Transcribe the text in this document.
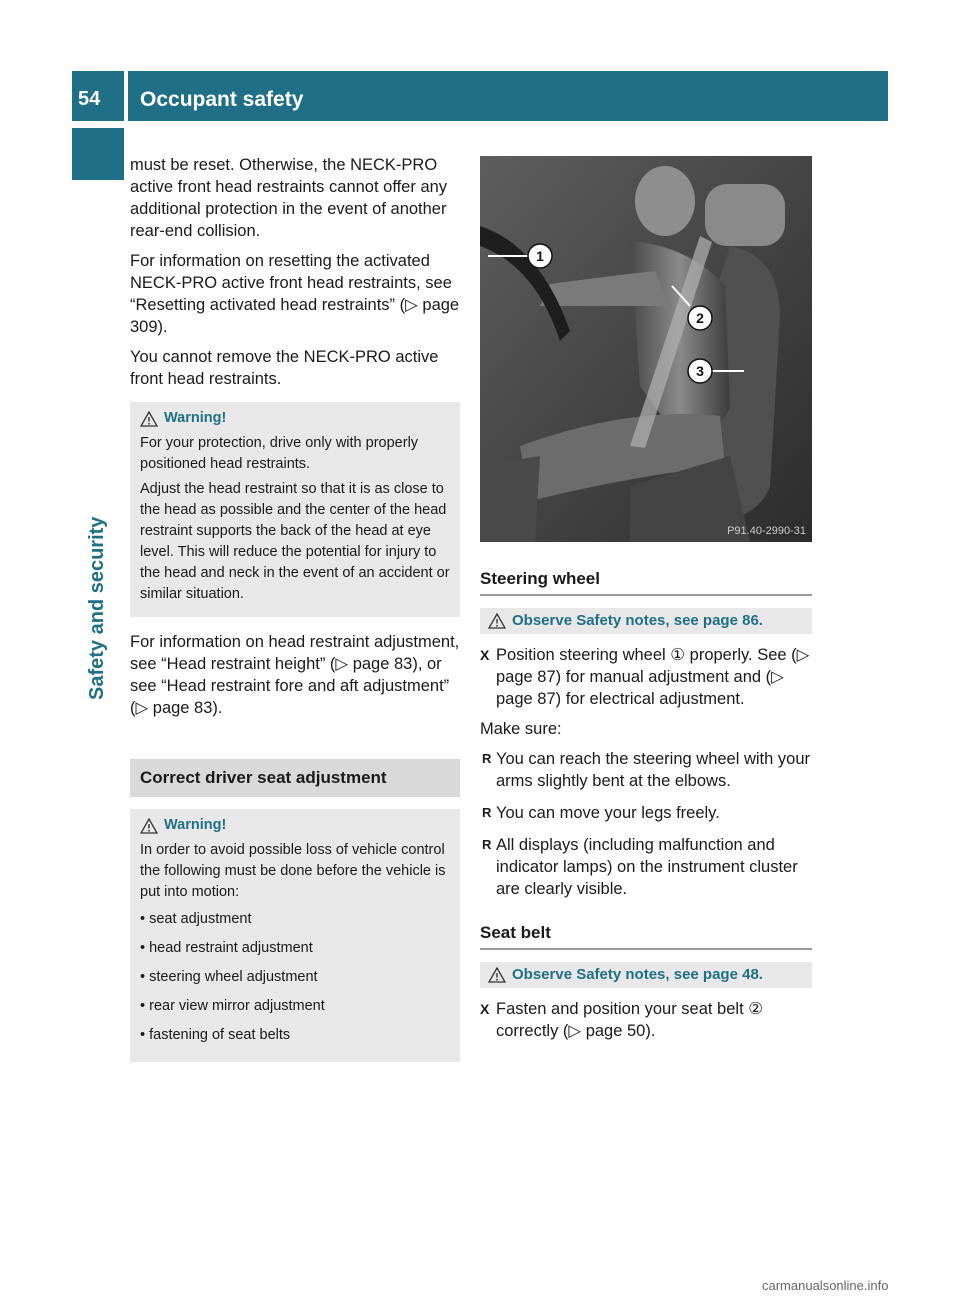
54 Occupant safety
Safety and security

must be reset. Otherwise, the NECK-PRO active front head restraints cannot offer any additional protection in the event of another rear-end collision.

For information on resetting the activated NECK-PRO active front head restraints, see “Resetting activated head restraints” (▷ page 309).

You cannot remove the NECK-PRO active front head restraints.

Warning!

For your protection, drive only with properly positioned head restraints.

Adjust the head restraint so that it is as close to the head as possible and the center of the head restraint supports the back of the head at eye level. This will reduce the potential for injury to the head and neck in the event of an accident or similar situation.

For information on head restraint adjustment, see “Head restraint height” (▷ page 83), or see “Head restraint fore and aft adjustment” (▷ page 83).

Correct driver seat adjustment
Warning!

In order to avoid possible loss of vehicle control the following must be done before the vehicle is put into motion:

• seat adjustment
• head restraint adjustment
• steering wheel adjustment
• rear view mirror adjustment
• fastening of seat belts
1
2
3
P91.40-2990-31
Steering wheel
Observe Safety notes, see page 86.

X Position steering wheel ① properly. See (▷ page 87) for manual adjustment and (▷ page 87) for electrical adjustment.

Make sure:

R You can reach the steering wheel with your arms slightly bent at the elbows.
R You can move your legs freely.
R All displays (including malfunction and indicator lamps) on the instrument cluster are clearly visible.
Seat belt
Observe Safety notes, see page 48.

X Fasten and position your seat belt ② correctly (▷ page 50).

carmanualsonline.info
